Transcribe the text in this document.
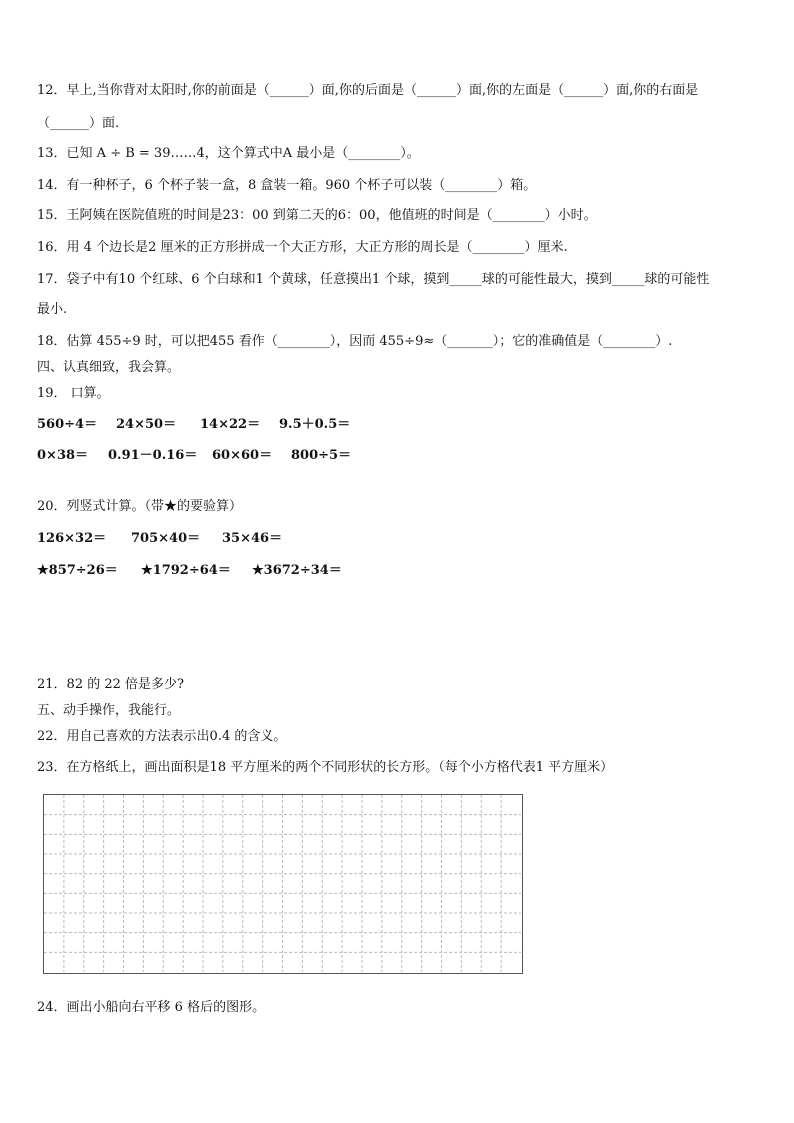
12．早上,当你背对太阳时,你的前面是（______）面,你的后面是（______）面,你的左面是（______）面,你的右面是

（______）面.

13．已知 A ÷ B = 39……4，这个算式中A 最小是（________）。

14．有一种杯子，6 个杯子装一盒，8 盒装一箱。960 个杯子可以装（________）箱。

15．王阿姨在医院值班的时间是23：00 到第二天的6：00，他值班的时间是（________）小时。

16．用 4 个边长是2 厘米的正方形拼成一个大正方形，大正方形的周长是（________）厘米.

17．袋子中有10 个红球、6 个白球和1 个黄球，任意摸出1 个球，摸到_____球的可能性最大，摸到_____球的可能性

最小.

18．估算 455÷9 时，可以把455 看作（________），因而 455÷9≈（_______）；它的准确值是（________）.

四、认真细致，我会算。

19． 口算。

560÷4＝ 24×50＝ 14×22＝ 9.5＋0.5＝
0×38＝ 0.91－0.16＝ 60×60＝ 800÷5＝

20．列竖式计算。（带★的要验算）

126×32＝ 705×40＝ 35×46＝
★857÷26＝ ★1792÷64＝ ★3672÷34＝

21．82 的 22 倍是多少?

五、动手操作，我能行。

22．用自己喜欢的方法表示出0.4 的含义。

23．在方格纸上，画出面积是18 平方厘米的两个不同形状的长方形。（每个小方格代表1 平方厘米）

24．画出小船向右平移 6 格后的图形。
